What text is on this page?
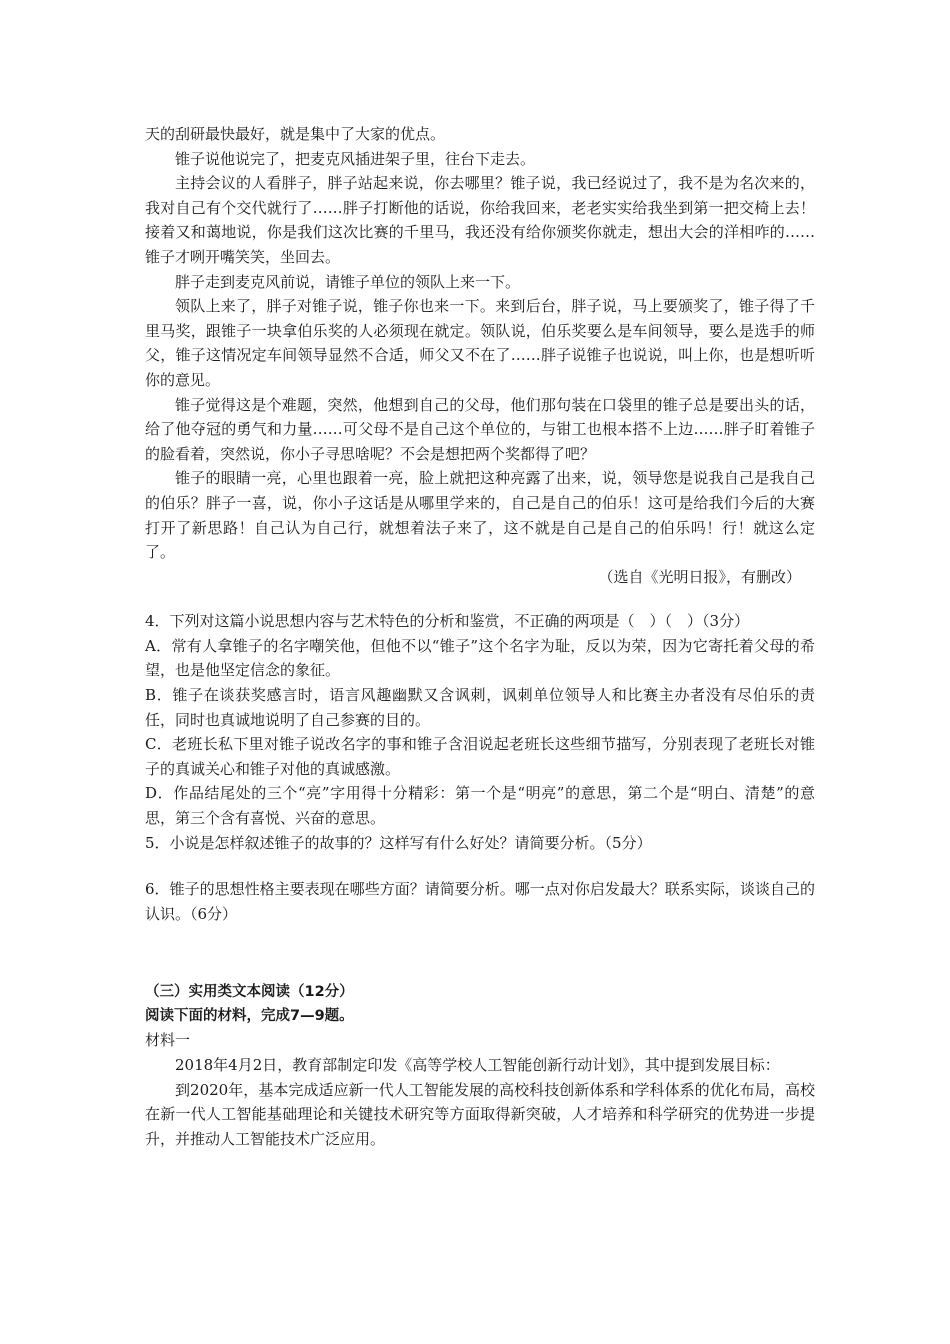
天的刮研最快最好，就是集中了大家的优点。

锥子说他说完了，把麦克风插进架子里，往台下走去。

主持会议的人看胖子，胖子站起来说，你去哪里？锥子说，我已经说过了，我不是为名次来的，我对自己有个交代就行了……胖子打断他的话说，你给我回来，老老实实给我坐到第一把交椅上去！接着又和蔼地说，你是我们这次比赛的千里马，我还没有给你颁奖你就走，想出大会的洋相咋的……锥子才咧开嘴笑笑，坐回去。

胖子走到麦克风前说，请锥子单位的领队上来一下。

领队上来了，胖子对锥子说，锥子你也来一下。来到后台，胖子说，马上要颁奖了，锥子得了千里马奖，跟锥子一块拿伯乐奖的人必须现在就定。领队说，伯乐奖要么是车间领导，要么是选手的师父，锥子这情况定车间领导显然不合适，师父又不在了……胖子说锥子也说说，叫上你，也是想听听你的意见。

锥子觉得这是个难题，突然，他想到自己的父母，他们那句装在口袋里的锥子总是要出头的话，给了他夺冠的勇气和力量……可父母不是自己这个单位的，与钳工也根本搭不上边……胖子盯着锥子的脸看着，突然说，你小子寻思啥呢？不会是想把两个奖都得了吧？

锥子的眼睛一亮，心里也跟着一亮，脸上就把这种亮露了出来，说，领导您是说我自己是我自己的伯乐？胖子一喜，说，你小子这话是从哪里学来的，自己是自己的伯乐！这可是给我们今后的大赛打开了新思路！自己认为自己行，就想着法子来了，这不就是自己是自己的伯乐吗！行！就这么定了。

（选自《光明日报》，有删改）

4．下列对这篇小说思想内容与艺术特色的分析和鉴赏，不正确的两项是（　）（　）（3分）

A．常有人拿锥子的名字嘲笑他，但他不以“锥子”这个名字为耻，反以为荣，因为它寄托着父母的希望，也是他坚定信念的象征。

B．锥子在谈获奖感言时，语言风趣幽默又含讽刺，讽刺单位领导人和比赛主办者没有尽伯乐的责任，同时也真诚地说明了自己参赛的目的。

C．老班长私下里对锥子说改名字的事和锥子含泪说起老班长这些细节描写，分别表现了老班长对锥子的真诚关心和锥子对他的真诚感激。

D．作品结尾处的三个“亮”字用得十分精彩：第一个是“明亮”的意思，第二个是“明白、清楚”的意思，第三个含有喜悦、兴奋的意思。

5．小说是怎样叙述锥子的故事的？这样写有什么好处？请简要分析。（5分）

6．锥子的思想性格主要表现在哪些方面？请简要分析。哪一点对你启发最大？联系实际，谈谈自己的认识。（6分）

（三）实用类文本阅读（12分）

阅读下面的材料，完成7—9题。

材料一

2018年4月2日，教育部制定印发《高等学校人工智能创新行动计划》，其中提到发展目标：

到2020年，基本完成适应新一代人工智能发展的高校科技创新体系和学科体系的优化布局，高校在新一代人工智能基础理论和关键技术研究等方面取得新突破，人才培养和科学研究的优势进一步提升，并推动人工智能技术广泛应用。
